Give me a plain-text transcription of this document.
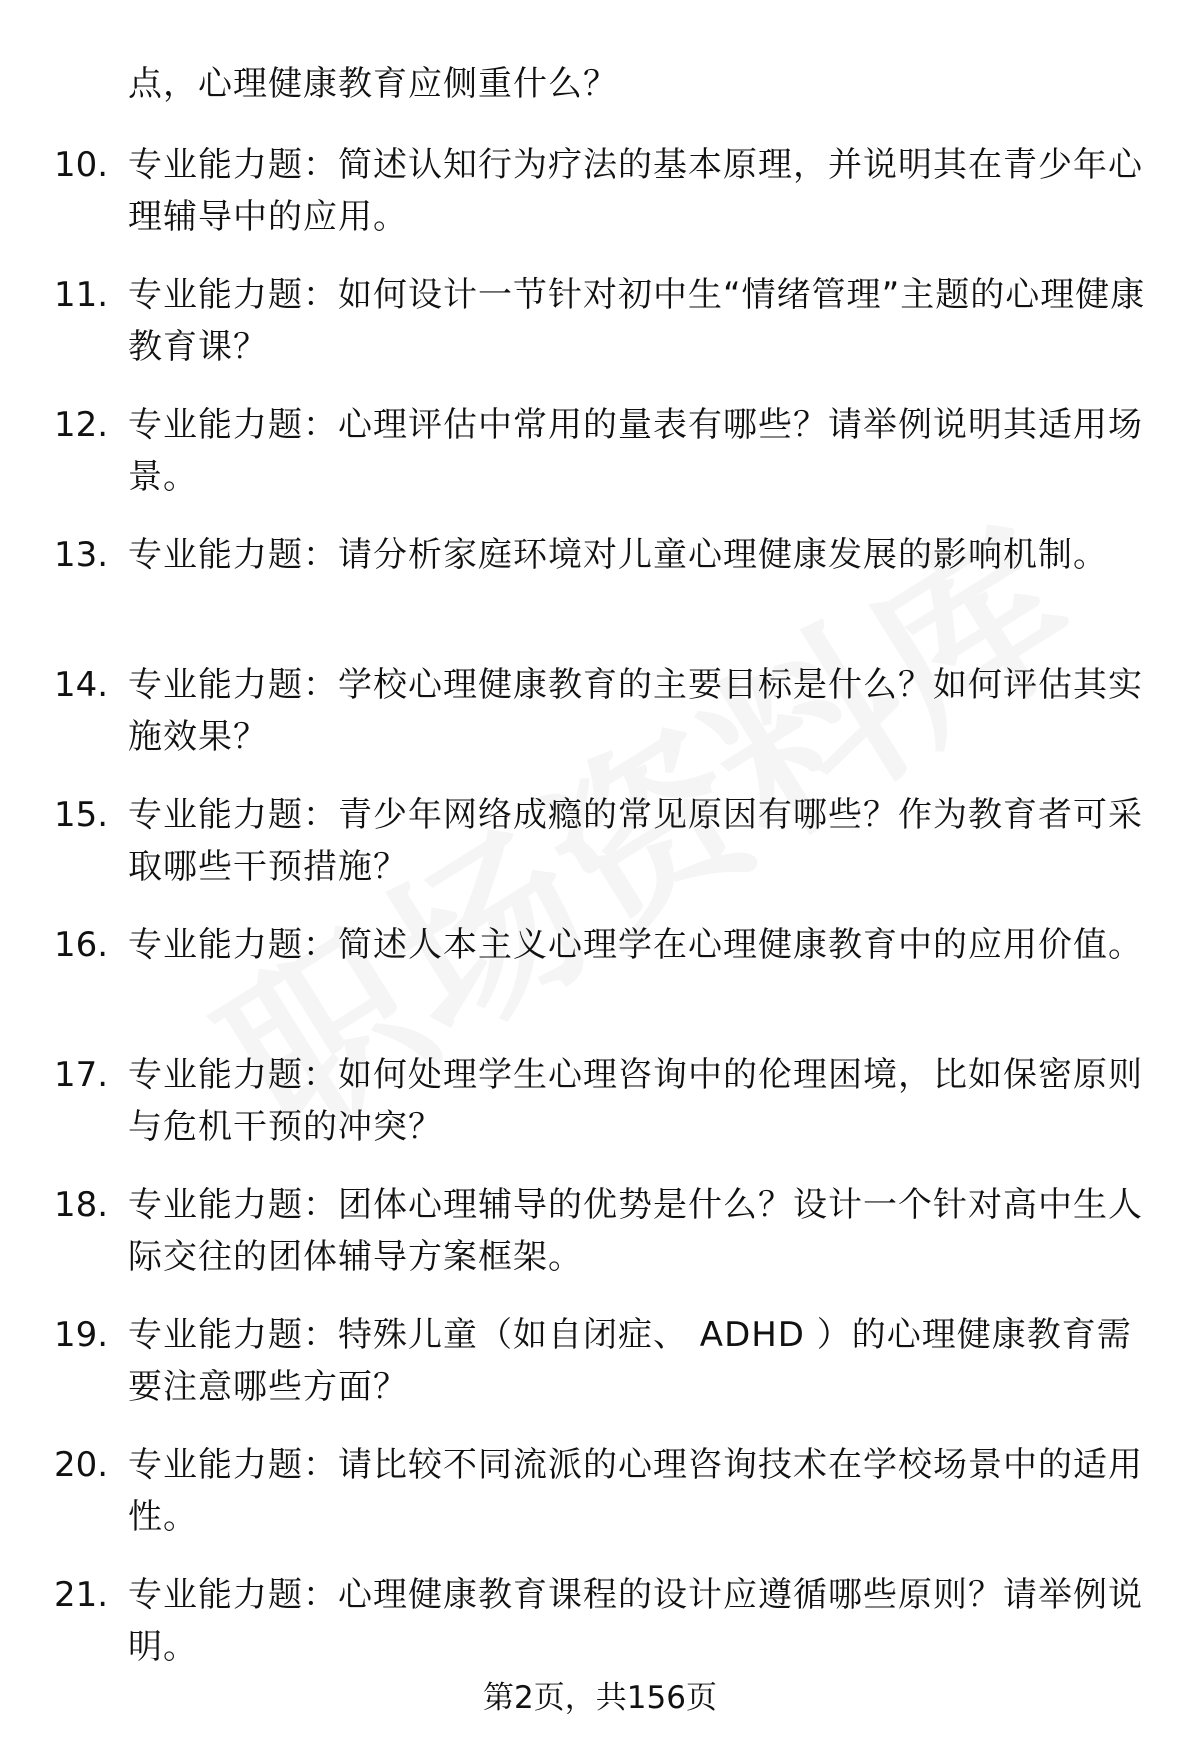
点，心理健康教育应侧重什么？
10. 专业能力题：简述认知行为疗法的基本原理，并说明其在青少年心理辅导中的应用。
11. 专业能力题：如何设计一节针对初中生“情绪管理”主题的心理健康教育课？
12. 专业能力题：心理评估中常用的量表有哪些？请举例说明其适用场景。
13. 专业能力题：请分析家庭环境对儿童心理健康发展的影响机制。
14. 专业能力题：学校心理健康教育的主要目标是什么？如何评估其实施效果？
15. 专业能力题：青少年网络成瘾的常见原因有哪些？作为教育者可采取哪些干预措施？
16. 专业能力题：简述人本主义心理学在心理健康教育中的应用价值。
17. 专业能力题：如何处理学生心理咨询中的伦理困境，比如保密原则与危机干预的冲突？
18. 专业能力题：团体心理辅导的优势是什么？设计一个针对高中生人际交往的团体辅导方案框架。
19. 专业能力题：特殊儿童（如自闭症、 ADHD ）的心理健康教育需要注意哪些方面？
20. 专业能力题：请比较不同流派的心理咨询技术在学校场景中的适用性。
21. 专业能力题：心理健康教育课程的设计应遵循哪些原则？请举例说明。
第2页，共156页
